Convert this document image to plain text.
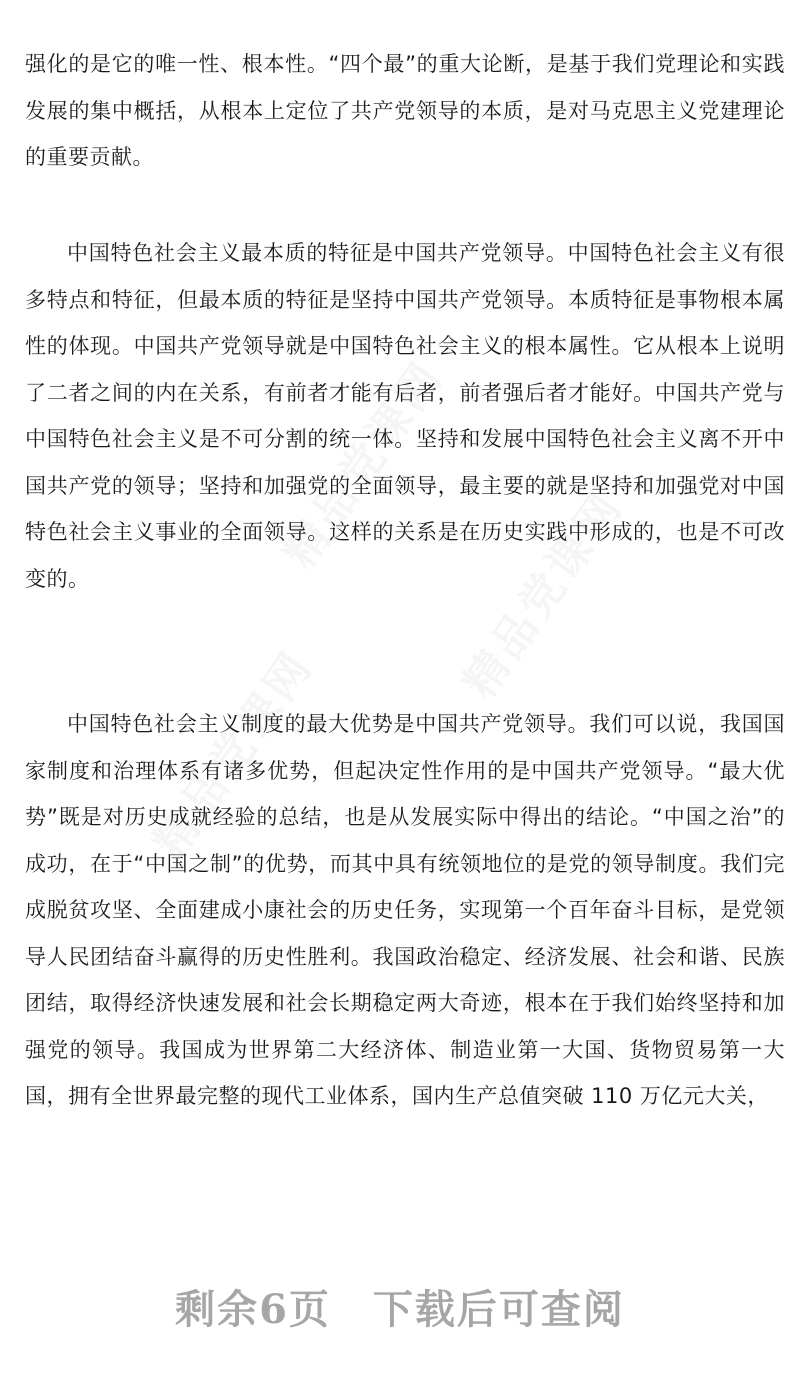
精品党课网
精品党课网
精品党课网

强化的是它的唯一性、根本性。“四个最”的重大论断，是基于我们党理论和实践发展的集中概括，从根本上定位了共产党领导的本质，是对马克思主义党建理论的重要贡献。

中国特色社会主义最本质的特征是中国共产党领导。中国特色社会主义有很多特点和特征，但最本质的特征是坚持中国共产党领导。本质特征是事物根本属性的体现。中国共产党领导就是中国特色社会主义的根本属性。它从根本上说明了二者之间的内在关系，有前者才能有后者，前者强后者才能好。中国共产党与中国特色社会主义是不可分割的统一体。坚持和发展中国特色社会主义离不开中国共产党的领导；坚持和加强党的全面领导，最主要的就是坚持和加强党对中国特色社会主义事业的全面领导。这样的关系是在历史实践中形成的，也是不可改变的。

中国特色社会主义制度的最大优势是中国共产党领导。我们可以说，我国国家制度和治理体系有诸多优势，但起决定性作用的是中国共产党领导。“最大优势”既是对历史成就经验的总结，也是从发展实际中得出的结论。“中国之治”的成功，在于“中国之制”的优势，而其中具有统领地位的是党的领导制度。我们完成脱贫攻坚、全面建成小康社会的历史任务，实现第一个百年奋斗目标，是党领导人民团结奋斗赢得的历史性胜利。我国政治稳定、经济发展、社会和谐、民族团结，取得经济快速发展和社会长期稳定两大奇迹，根本在于我们始终坚持和加强党的领导。我国成为世界第二大经济体、制造业第一大国、货物贸易第一大国，拥有全世界最完整的现代工业体系，国内生产总值突破 110 万亿元大关，

剩余6页 下载后可查阅
